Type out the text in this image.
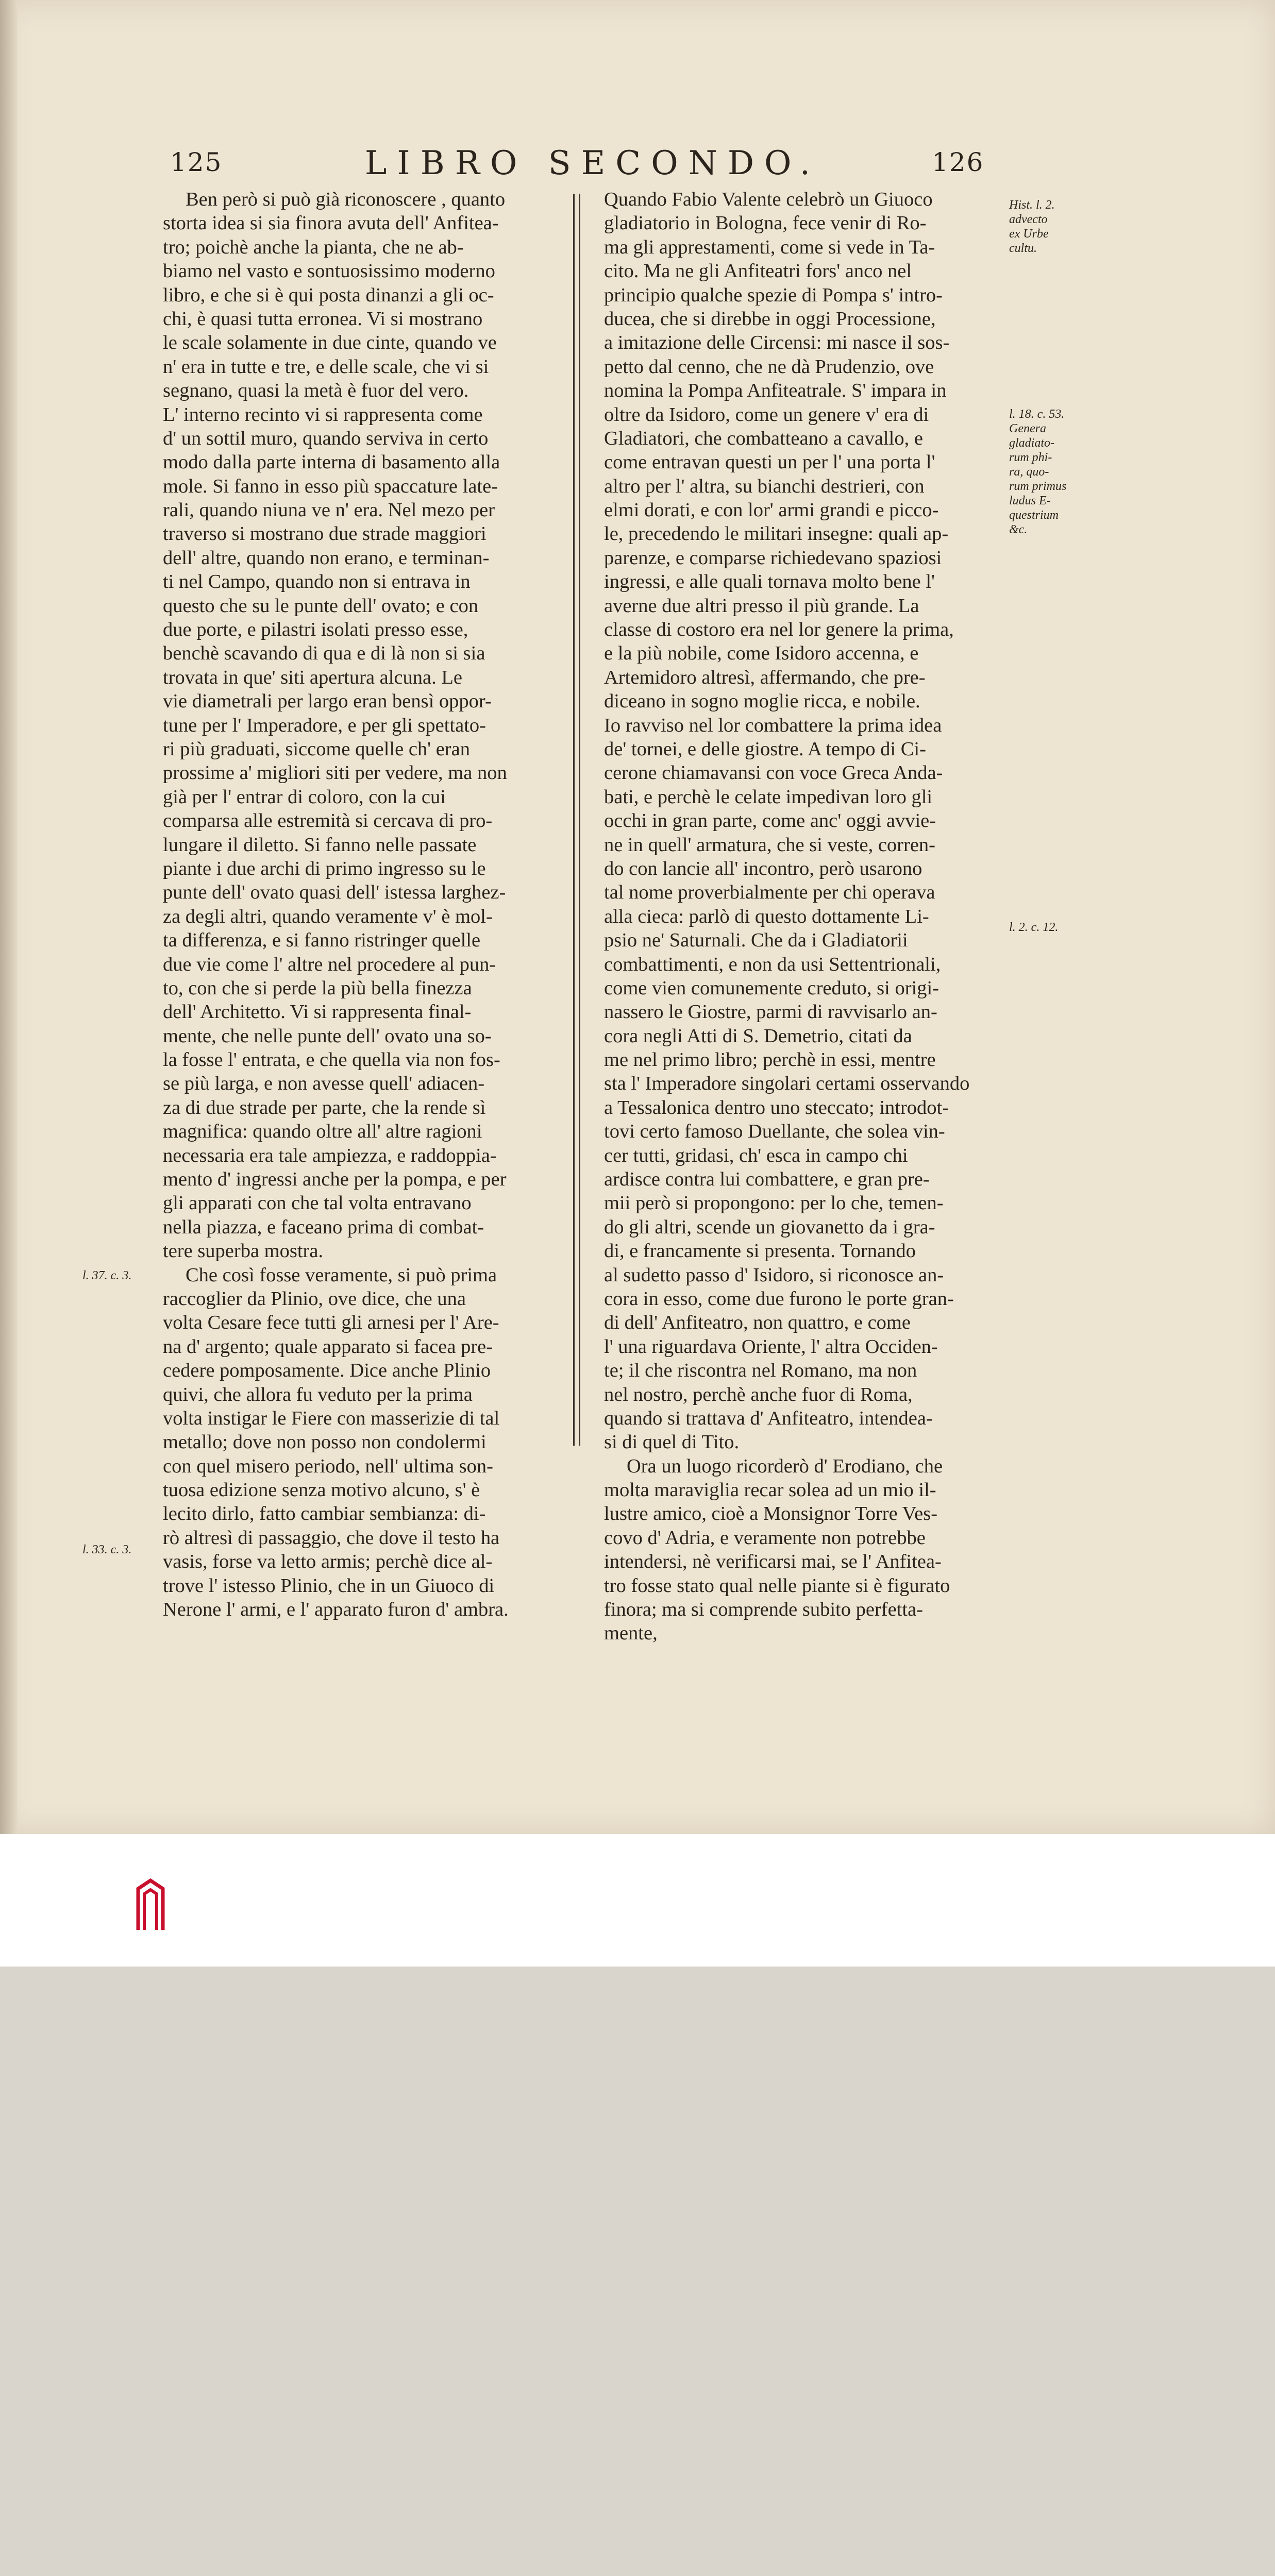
125	LIBRO SECONDO.	126
Ben però si può già riconoscere , quanto
storta idea si sia finora avuta dell' Anfitea-
tro; poichè anche la pianta, che ne ab-
biamo nel vasto e sontuosissimo moderno
libro, e che si è qui posta dinanzi a gli oc-
chi, è quasi tutta erronea. Vi si mostrano
le scale solamente in due cinte, quando ve
n' era in tutte e tre, e delle scale, che vi si
segnano, quasi la metà è fuor del vero.
L' interno recinto vi si rappresenta come
d' un sottil muro, quando serviva in certo
modo dalla parte interna di basamento alla
mole. Si fanno in esso più spaccature late-
rali, quando niuna ve n' era. Nel mezo per
traverso si mostrano due strade maggiori
dell' altre, quando non erano, e terminan-
ti nel Campo, quando non si entrava in
questo che su le punte dell' ovato; e con
due porte, e pilastri isolati presso esse,
benchè scavando di qua e di là non si sia
trovata in que' siti apertura alcuna. Le
vie diametrali per largo eran bensì oppor-
tune per l' Imperadore, e per gli spettato-
ri più graduati, siccome quelle ch' eran
prossime a' migliori siti per vedere, ma non
già per l' entrar di coloro, con la cui
comparsa alle estremità si cercava di pro-
lungare il diletto. Si fanno nelle passate
piante i due archi di primo ingresso su le
punte dell' ovato quasi dell' istessa larghez-
za degli altri, quando veramente v' è mol-
ta differenza, e si fanno ristringer quelle
due vie come l' altre nel procedere al pun-
to, con che si perde la più bella finezza
dell' Architetto. Vi si rappresenta final-
mente, che nelle punte dell' ovato una so-
la fosse l' entrata, e che quella via non fos-
se più larga, e non avesse quell' adiacen-
za di due strade per parte, che la rende sì
magnifica: quando oltre all' altre ragioni
necessaria era tale ampiezza, e raddoppia-
mento d' ingressi anche per la pompa, e per
gli apparati con che tal volta entravano
nella piazza, e faceano prima di combat-
tere superba mostra.
Che così fosse veramente, si può prima
raccoglier da Plinio, ove dice, che una
volta Cesare fece tutti gli arnesi per l' Are-
na d' argento; quale apparato si facea pre-
cedere pomposamente. Dice anche Plinio
quivi, che allora fu veduto per la prima
volta instigar le Fiere con masserizie di tal
metallo; dove non posso non condolermi
con quel misero periodo, nell' ultima son-
tuosa edizione senza motivo alcuno, s' è
lecito dirlo, fatto cambiar sembianza: di-
rò altresì di passaggio, che dove il testo ha
vasis, forse va letto armis; perchè dice al-
trove l' istesso Plinio, che in un Giuoco di
Nerone l' armi, e l' apparato furon d' ambra.
Quando Fabio Valente celebrò un Giuoco
gladiatorio in Bologna, fece venir di Ro-
ma gli apprestamenti, come si vede in Ta-
cito. Ma ne gli Anfiteatri fors' anco nel
principio qualche spezie di Pompa s' intro-
ducea, che si direbbe in oggi Processione,
a imitazione delle Circensi: mi nasce il sos-
petto dal cenno, che ne dà Prudenzio, ove
nomina la Pompa Anfiteatrale. S' impara in
oltre da Isidoro, come un genere v' era di
Gladiatori, che combatteano a cavallo, e
come entravan questi un per l' una porta l'
altro per l' altra, su bianchi destrieri, con
elmi dorati, e con lor' armi grandi e picco-
le, precedendo le militari insegne: quali ap-
parenze, e comparse richiedevano spaziosi
ingressi, e alle quali tornava molto bene l'
averne due altri presso il più grande. La
classe di costoro era nel lor genere la prima,
e la più nobile, come Isidoro accenna, e
Artemidoro altresì, affermando, che pre-
diceano in sogno moglie ricca, e nobile.
Io ravviso nel lor combattere la prima idea
de' tornei, e delle giostre. A tempo di Ci-
cerone chiamavansi con voce Greca Anda-
bati, e perchè le celate impedivan loro gli
occhi in gran parte, come anc' oggi avvie-
ne in quell' armatura, che si veste, corren-
do con lancie all' incontro, però usarono
tal nome proverbialmente per chi operava
alla cieca: parlò di questo dottamente Li-
psio ne' Saturnali. Che da i Gladiatorii
combattimenti, e non da usi Settentrionali,
come vien comunemente creduto, si origi-
nassero le Giostre, parmi di ravvisarlo an-
cora negli Atti di S. Demetrio, citati da
me nel primo libro; perchè in essi, mentre
sta l' Imperadore singolari certami osservando
a Tessalonica dentro uno steccato; introdot-
tovi certo famoso Duellante, che solea vin-
cer tutti, gridasi, ch' esca in campo chi
ardisce contra lui combattere, e gran pre-
mii però si propongono: per lo che, temen-
do gli altri, scende un giovanetto da i gra-
di, e francamente si presenta. Tornando
al sudetto passo d' Isidoro, si riconosce an-
cora in esso, come due furono le porte gran-
di dell' Anfiteatro, non quattro, e come
l' una riguardava Oriente, l' altra Occiden-
te; il che riscontra nel Romano, ma non
nel nostro, perchè anche fuor di Roma,
quando si trattava d' Anfiteatro, intendea-
si di quel di Tito.
Ora un luogo ricorderò d' Erodiano, che
molta maraviglia recar solea ad un mio il-
lustre amico, cioè a Monsignor Torre Ves-
covo d' Adria, e veramente non potrebbe
intendersi, nè verificarsi mai, se l' Anfitea-
tro fosse stato qual nelle piante si è figurato
finora; ma si comprende subito perfetta-
mente,
Hist. l. 2.
advecto
ex Urbe
cultu.
l. 18. c. 53.
Genera
gladiato-
rum phi-
ra, quo-
rum primus
ludus E-
questrium
&c.
l. 2. c. 12.
l. 37. c. 3.
l. 33. c. 3.
